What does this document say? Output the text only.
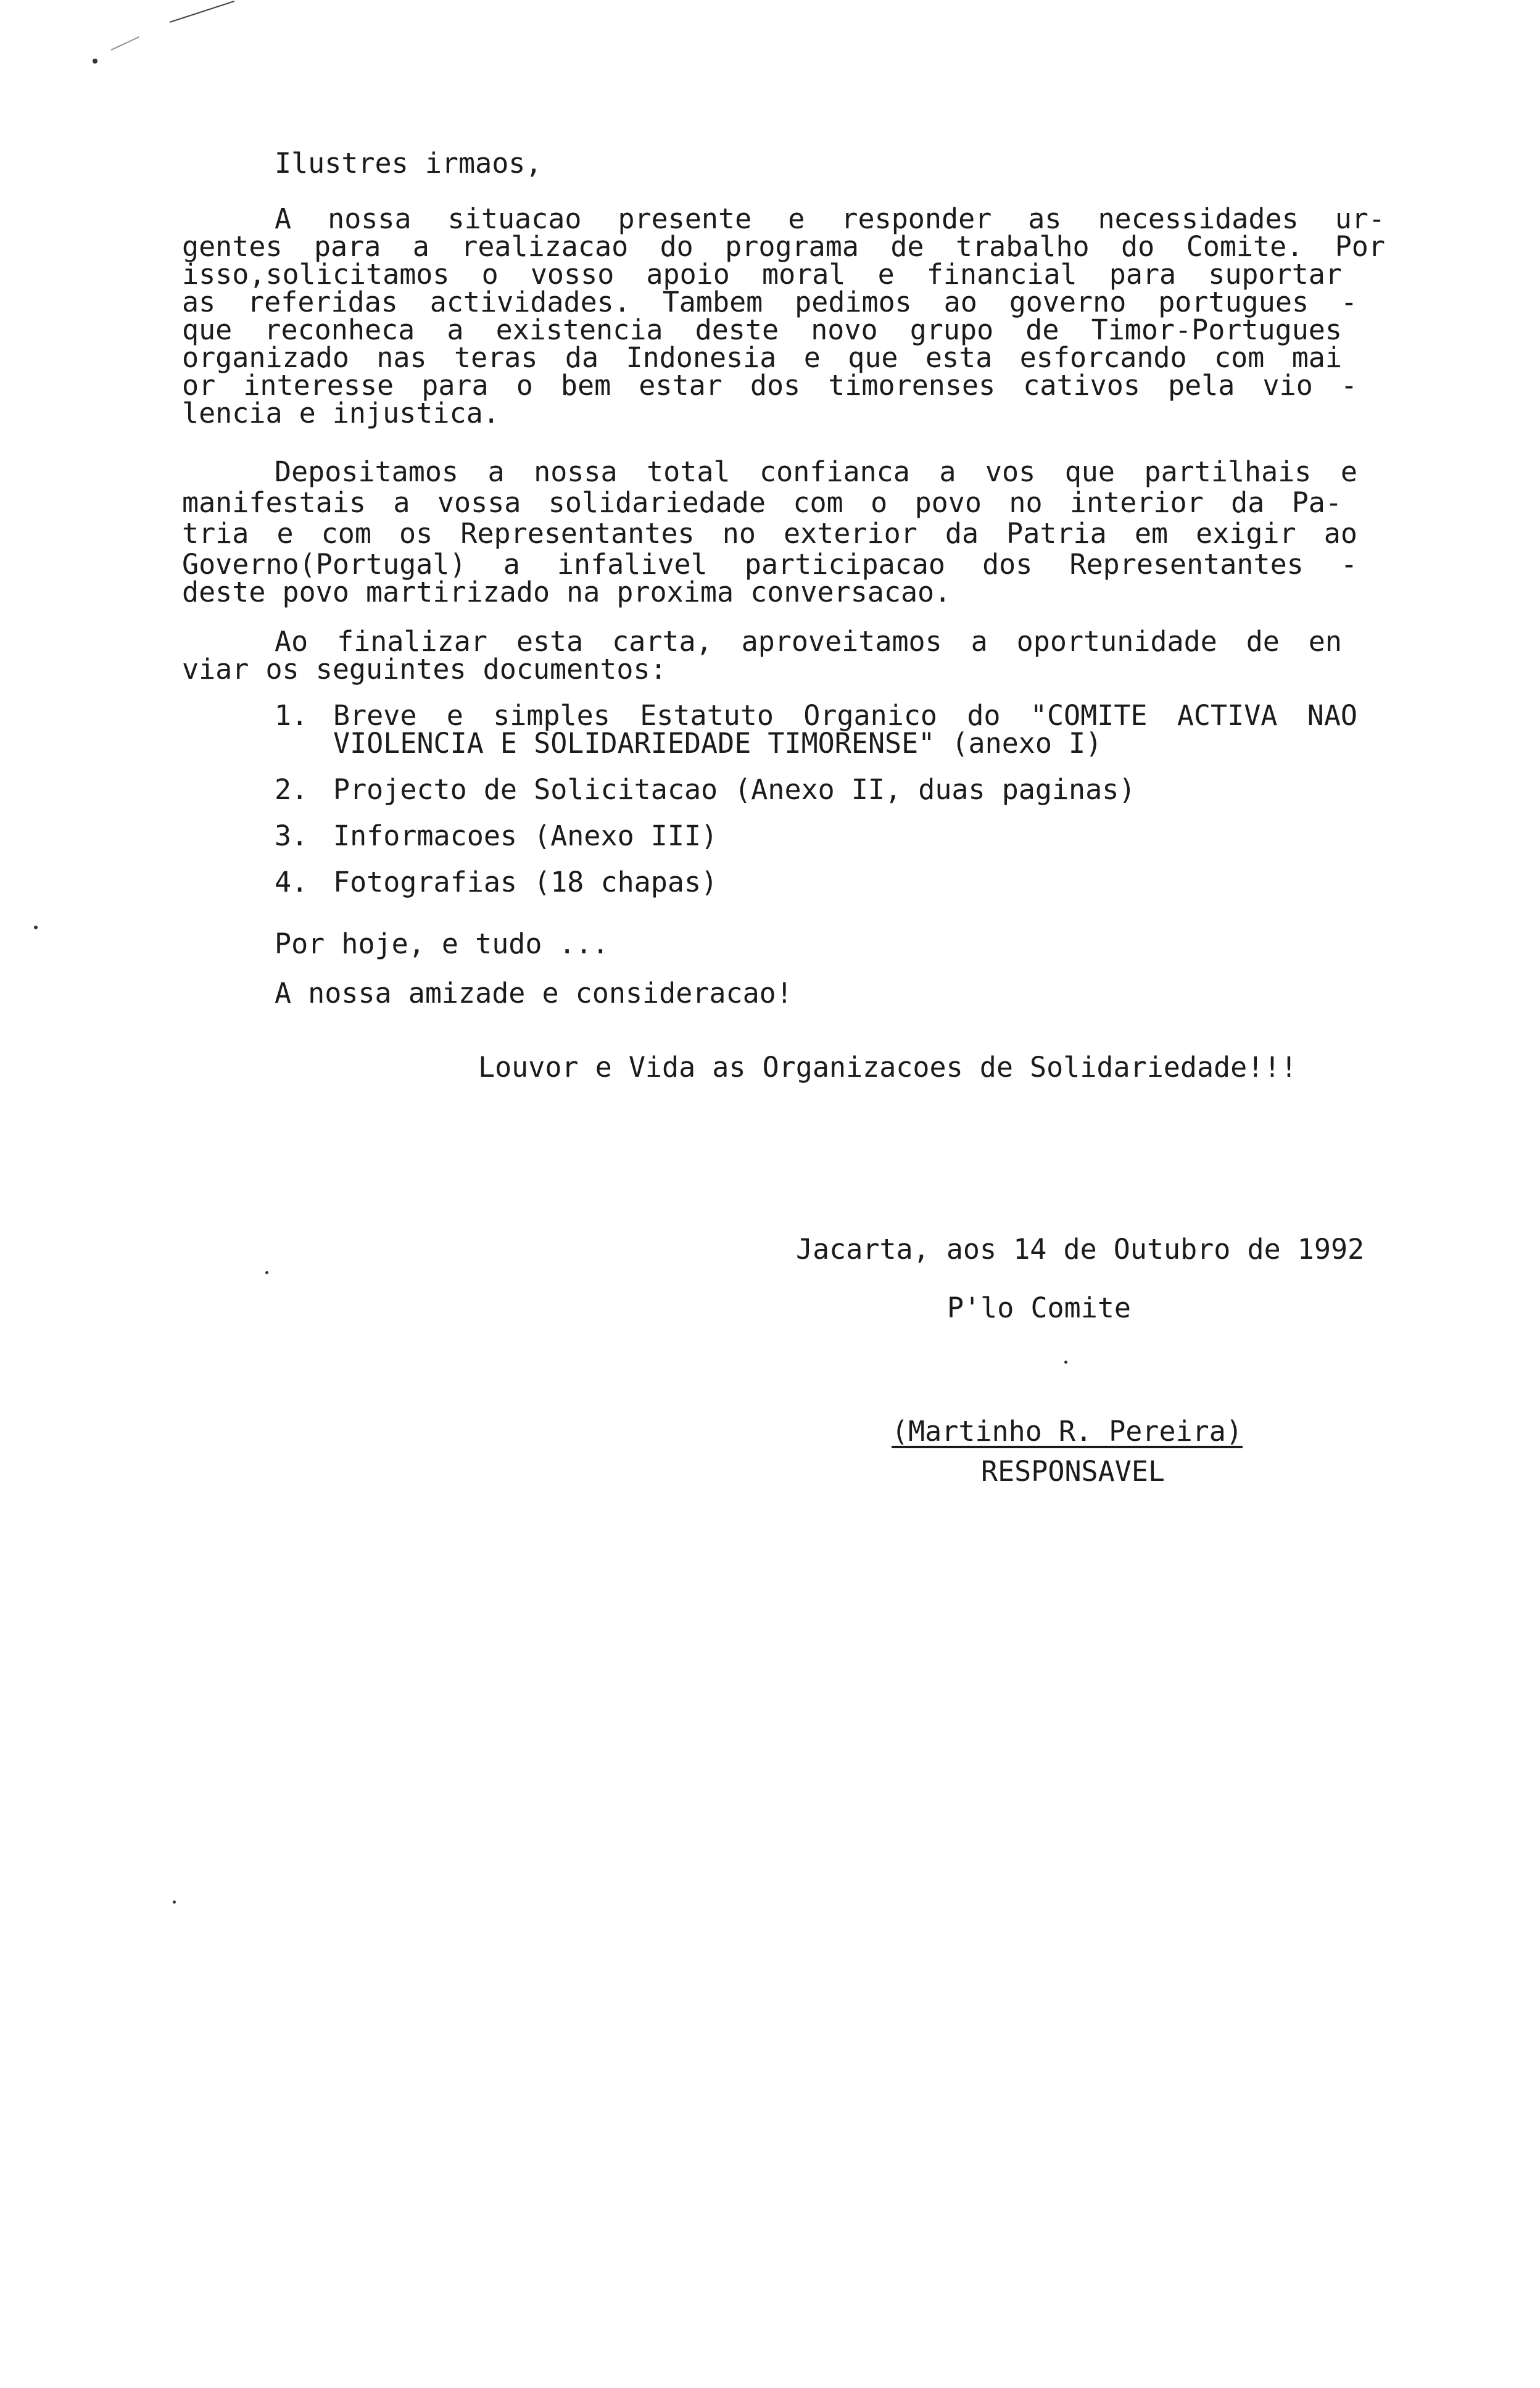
Ilustres irmaos,
A nossa situacao presente e responder as necessidades ur-
gentes para a realizacao do programa de trabalho do Comite. Por
isso,solicitamos o vosso apoio moral e financial para suportar
as referidas actividades. Tambem pedimos ao governo portugues -
que reconheca a existencia deste novo grupo de Timor-Portugues
organizado nas teras da Indonesia e que esta esforcando com mai
or interesse para o bem estar dos timorenses cativos pela vio -
lencia e injustica.
Depositamos a nossa total confianca a vos que partilhais e
manifestais a vossa solidariedade com o povo no interior da Pa-
tria e com os Representantes no exterior da Patria em exigir ao
Governo(Portugal) a infalivel participacao dos Representantes -
deste povo martirizado na proxima conversacao.
Ao finalizar esta carta, aproveitamos a oportunidade de en
viar os seguintes documentos:
1. Breve e simples Estatuto Organico do "COMITE ACTIVA NAO
VIOLENCIA E SOLIDARIEDADE TIMORENSE" (anexo I)
2. Projecto de Solicitacao (Anexo II, duas paginas)
3. Informacoes (Anexo III)
4. Fotografias (18 chapas)
Por hoje, e tudo ...
A nossa amizade e consideracao!
Louvor e Vida as Organizacoes de Solidariedade!!!
Jacarta, aos 14 de Outubro de 1992
P'lo Comite
(Martinho R. Pereira)
RESPONSAVEL
